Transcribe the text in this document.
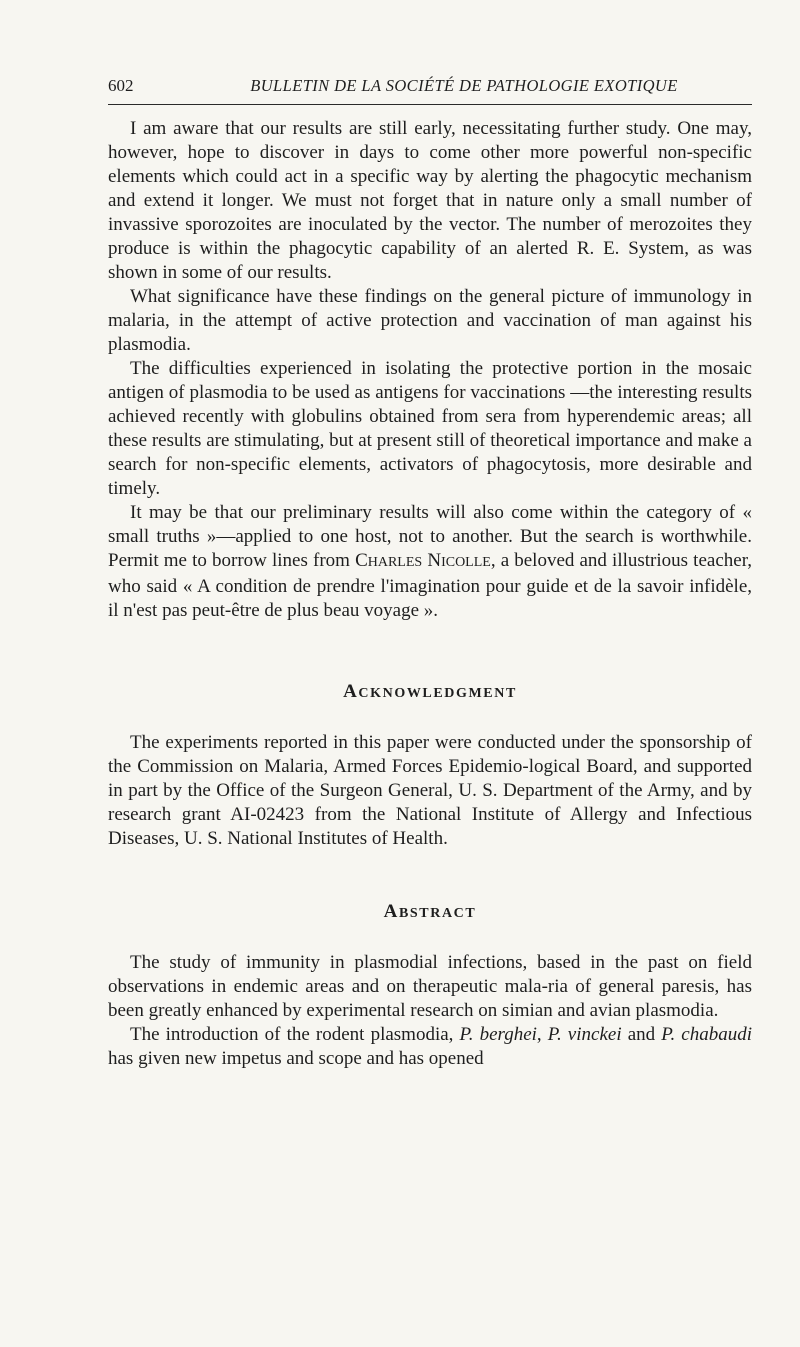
602	BULLETIN DE LA SOCIÉTÉ DE PATHOLOGIE EXOTIQUE

I am aware that our results are still early, necessitating further study. One may, however, hope to discover in days to come other more powerful non-specific elements which could act in a specific way by alerting the phagocytic mechanism and extend it longer. We must not forget that in nature only a small number of invassive sporozoites are inoculated by the vector. The number of merozoites they produce is within the phagocytic capability of an alerted R. E. System, as was shown in some of our results.

What significance have these findings on the general picture of immunology in malaria, in the attempt of active protection and vaccination of man against his plasmodia.

The difficulties experienced in isolating the protective portion in the mosaic antigen of plasmodia to be used as antigens for vaccinations —the interesting results achieved recently with globulins obtained from sera from hyperendemic areas; all these results are stimulating, but at present still of theoretical importance and make a search for non-specific elements, activators of phagocytosis, more desirable and timely.

It may be that our preliminary results will also come within the category of « small truths »—applied to one host, not to another. But the search is worthwhile. Permit me to borrow lines from CHARLES NICOLLE, a beloved and illustrious teacher, who said « A condition de prendre l'imagination pour guide et de la savoir infidèle, il n'est pas peut-être de plus beau voyage ».

ACKNOWLEDGMENT

The experiments reported in this paper were conducted under the sponsorship of the Commission on Malaria, Armed Forces Epidemio-logical Board, and supported in part by the Office of the Surgeon General, U. S. Department of the Army, and by research grant AI-02423 from the National Institute of Allergy and Infectious Diseases, U. S. National Institutes of Health.

ABSTRACT

The study of immunity in plasmodial infections, based in the past on field observations in endemic areas and on therapeutic mala-ria of general paresis, has been greatly enhanced by experimental research on simian and avian plasmodia.

The introduction of the rodent plasmodia, P. berghei, P. vinckei and P. chabaudi has given new impetus and scope and has opened
